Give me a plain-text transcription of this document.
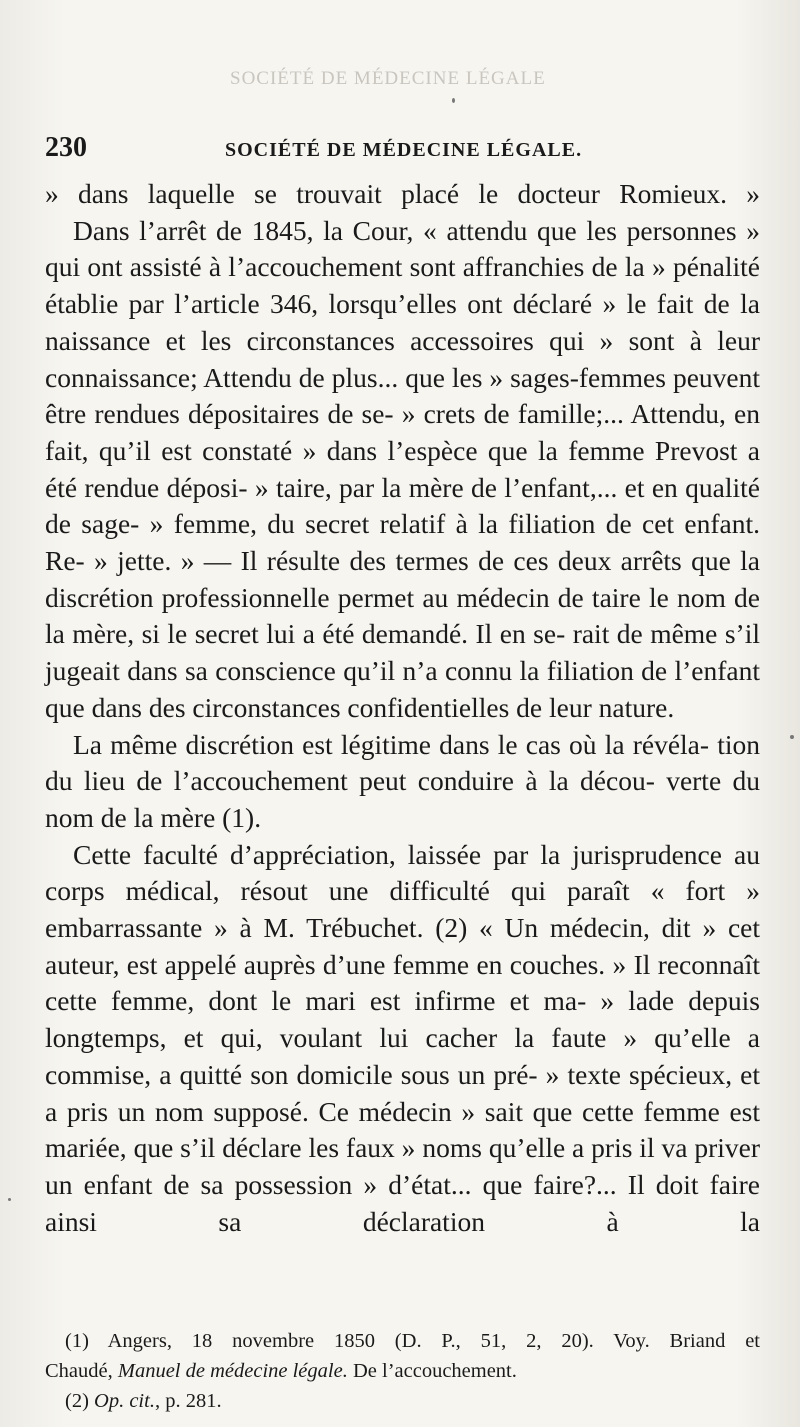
SOCIÉTÉ DE MÉDECINE LÉGALE
230	SOCIÉTÉ DE MÉDECINE LÉGALE.

» dans laquelle se trouvait placé le docteur Romieux. »

Dans l’arrêt de 1845, la Cour, « attendu que les personnes » qui ont assisté à l’accouchement sont affranchies de la » pénalité établie par l’article 346, lorsqu’elles ont déclaré » le fait de la naissance et les circonstances accessoires qui » sont à leur connaissance; Attendu de plus... que les » sages-femmes peuvent être rendues dépositaires de se- » crets de famille;... Attendu, en fait, qu’il est constaté » dans l’espèce que la femme Prevost a été rendue déposi- » taire, par la mère de l’enfant,... et en qualité de sage- » femme, du secret relatif à la filiation de cet enfant. Re- » jette. » — Il résulte des termes de ces deux arrêts que la discrétion professionnelle permet au médecin de taire le nom de la mère, si le secret lui a été demandé. Il en se- rait de même s’il jugeait dans sa conscience qu’il n’a connu la filiation de l’enfant que dans des circonstances confidentielles de leur nature.

La même discrétion est légitime dans le cas où la révéla- tion du lieu de l’accouchement peut conduire à la décou- verte du nom de la mère (1).

Cette faculté d’appréciation, laissée par la jurisprudence au corps médical, résout une difficulté qui paraît « fort » embarrassante » à M. Trébuchet. (2) « Un médecin, dit » cet auteur, est appelé auprès d’une femme en couches. » Il reconnaît cette femme, dont le mari est infirme et ma- » lade depuis longtemps, et qui, voulant lui cacher la faute » qu’elle a commise, a quitté son domicile sous un pré- » texte spécieux, et a pris un nom supposé. Ce médecin » sait que cette femme est mariée, que s’il déclare les faux » noms qu’elle a pris il va priver un enfant de sa possession » d’état... que faire?... Il doit faire ainsi sa déclaration à la

(1) Angers, 18 novembre 1850 (D. P., 51, 2, 20). Voy. Briand et

Chaudé, Manuel de médecine légale. De l’accouchement.

(2) Op. cit., p. 281.
